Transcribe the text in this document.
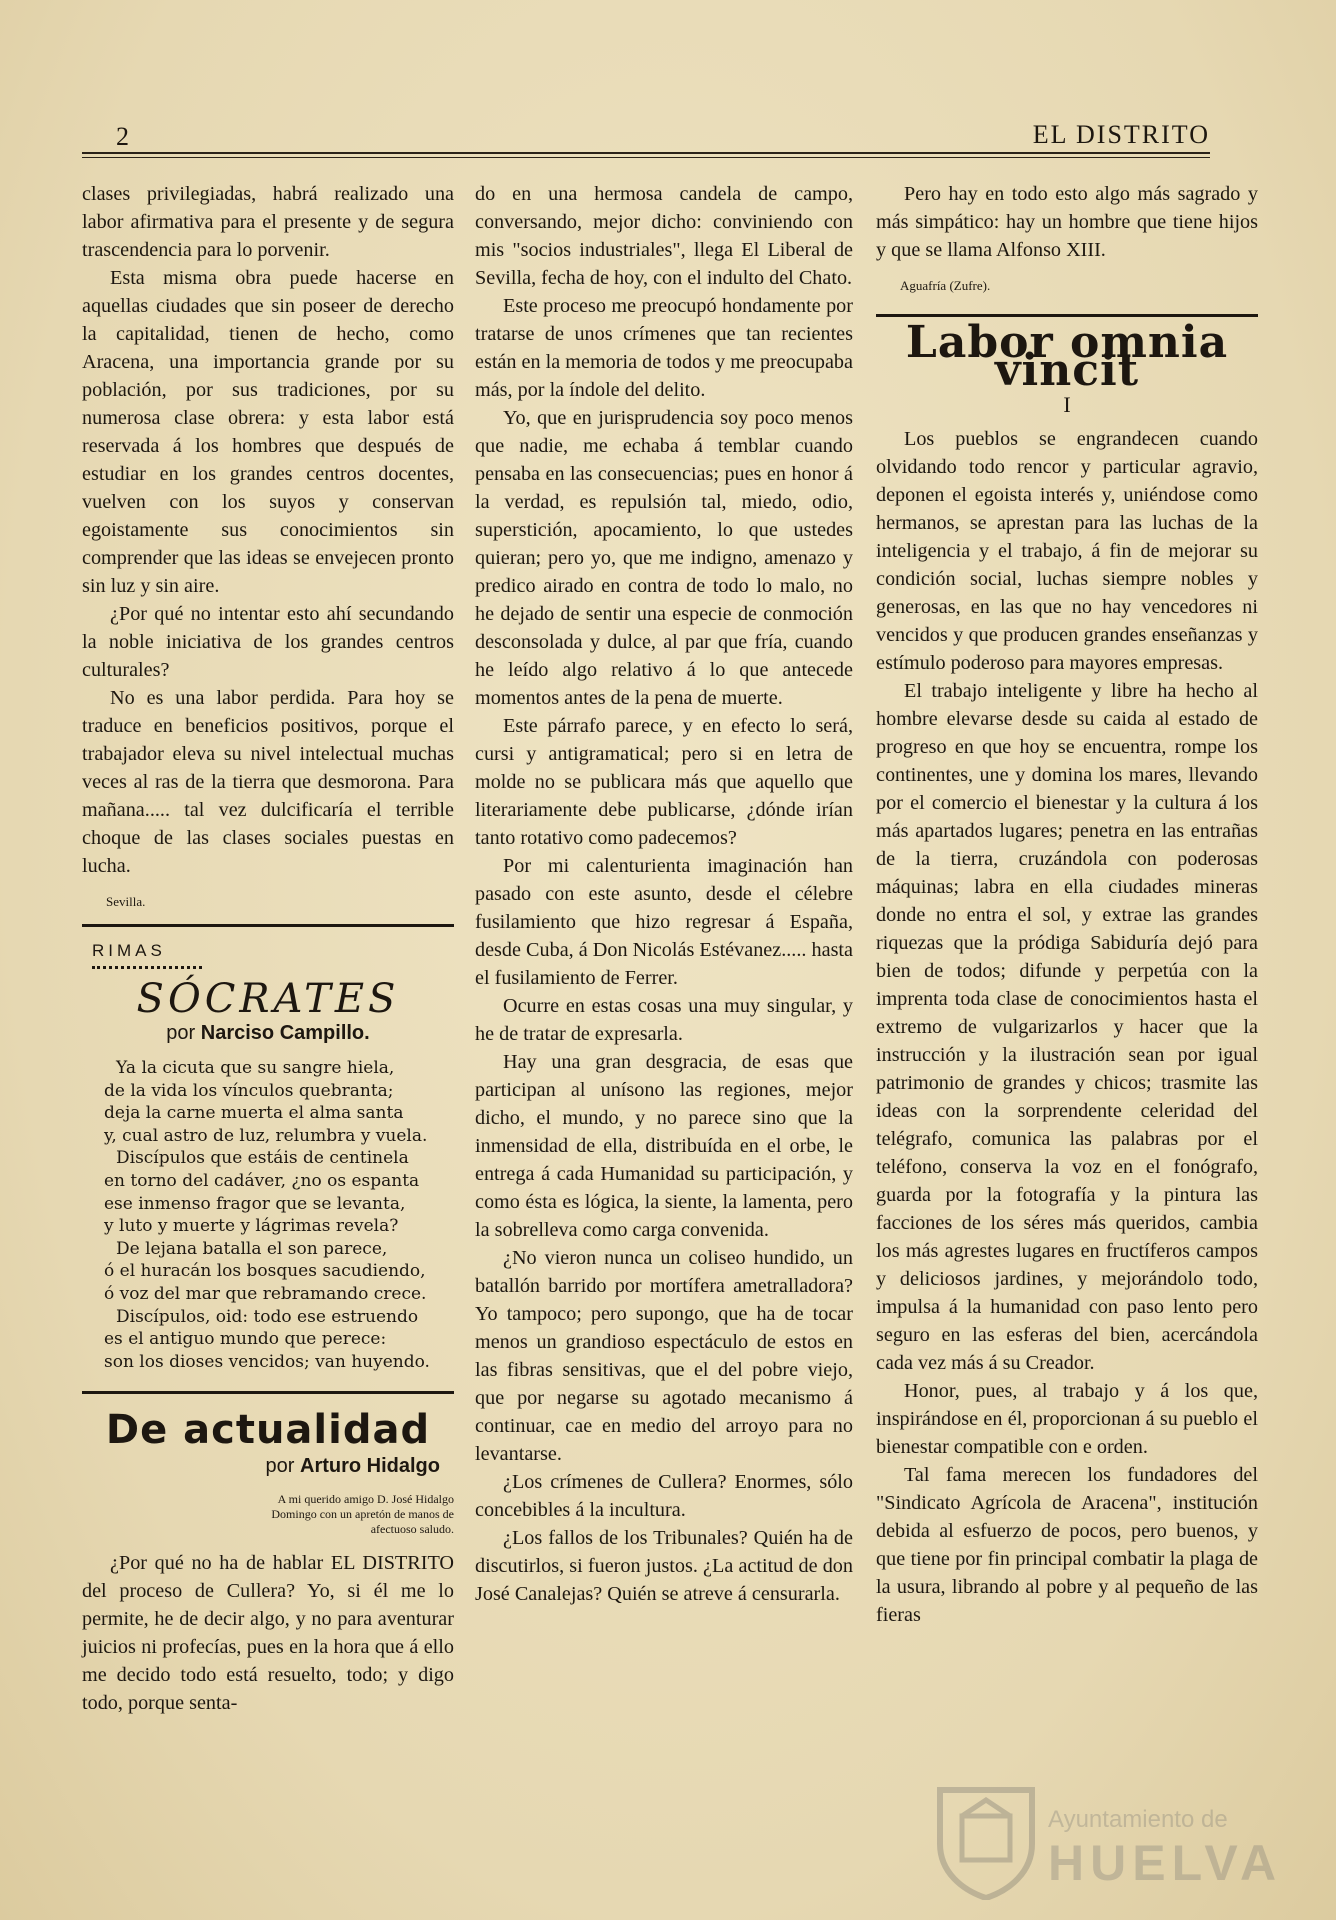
2	EL DISTRITO

clases privilegiadas, habrá realizado una labor afirmativa para el presente y de segura trascendencia para lo porvenir.

Esta misma obra puede hacerse en aquellas ciudades que sin poseer de derecho la capitalidad, tienen de hecho, como Aracena, una importancia grande por su población, por sus tradiciones, por su numerosa clase obrera: y esta labor está reservada á los hombres que después de estudiar en los grandes centros docentes, vuelven con los suyos y conservan egoistamente sus conocimientos sin comprender que las ideas se envejecen pronto sin luz y sin aire.

¿Por qué no intentar esto ahí secundando la noble iniciativa de los grandes centros culturales?

No es una labor perdida. Para hoy se traduce en beneficios positivos, porque el trabajador eleva su nivel intelectual muchas veces al ras de la tierra que desmorona. Para mañana..... tal vez dulcificaría el terrible choque de las clases sociales puestas en lucha.

Sevilla.
RIMAS
SÓCRATES
por Narciso Campillo.
Ya la cicuta que su sangre hiela,
de la vida los vínculos quebranta;
deja la carne muerta el alma santa
y, cual astro de luz, relumbra y vuela.
Discípulos que estáis de centinela
en torno del cadáver, ¿no os espanta
ese inmenso fragor que se levanta,
y luto y muerte y lágrimas revela?
De lejana batalla el son parece,
ó el huracán los bosques sacudiendo,
ó voz del mar que rebramando crece.
Discípulos, oid: todo ese estruendo
es el antiguo mundo que perece:
son los dioses vencidos; van huyendo.
De actualidad
por Arturo Hidalgo
A mi querido amigo D. José Hidalgo Domingo con un apretón de manos de afectuoso saludo.

¿Por qué no ha de hablar EL DISTRITO del proceso de Cullera? Yo, si él me lo permite, he de decir algo, y no para aventurar juicios ni profecías, pues en la hora que á ello me decido todo está resuelto, todo; y digo todo, porque senta-

do en una hermosa candela de campo, conversando, mejor dicho: conviniendo con mis "socios industriales", llega El Liberal de Sevilla, fecha de hoy, con el indulto del Chato.

Este proceso me preocupó hondamente por tratarse de unos crímenes que tan recientes están en la memoria de todos y me preocupaba más, por la índole del delito.

Yo, que en jurisprudencia soy poco menos que nadie, me echaba á temblar cuando pensaba en las consecuencias; pues en honor á la verdad, es repulsión tal, miedo, odio, superstición, apocamiento, lo que ustedes quieran; pero yo, que me indigno, amenazo y predico airado en contra de todo lo malo, no he dejado de sentir una especie de conmoción desconsolada y dulce, al par que fría, cuando he leído algo relativo á lo que antecede momentos antes de la pena de muerte.

Este párrafo parece, y en efecto lo será, cursi y antigramatical; pero si en letra de molde no se publicara más que aquello que literariamente debe publicarse, ¿dónde irían tanto rotativo como padecemos?

Por mi calenturienta imaginación han pasado con este asunto, desde el célebre fusilamiento que hizo regresar á España, desde Cuba, á Don Nicolás Estévanez..... hasta el fusilamiento de Ferrer.

Ocurre en estas cosas una muy singular, y he de tratar de expresarla.

Hay una gran desgracia, de esas que participan al unísono las regiones, mejor dicho, el mundo, y no parece sino que la inmensidad de ella, distribuída en el orbe, le entrega á cada Humanidad su participación, y como ésta es lógica, la siente, la lamenta, pero la sobrelleva como carga convenida.

¿No vieron nunca un coliseo hundido, un batallón barrido por mortífera ametralladora? Yo tampoco; pero supongo, que ha de tocar menos un grandioso espectáculo de estos en las fibras sensitivas, que el del pobre viejo, que por negarse su agotado mecanismo á continuar, cae en medio del arroyo para no levantarse.

¿Los crímenes de Cullera? Enormes, sólo concebibles á la incultura.

¿Los fallos de los Tribunales? Quién ha de discutirlos, si fueron justos. ¿La actitud de don José Canalejas? Quién se atreve á censurarla.

Pero hay en todo esto algo más sagrado y más simpático: hay un hombre que tiene hijos y que se llama Alfonso XIII.

Aguafría (Zufre).
Labor omnia vincit
I

Los pueblos se engrandecen cuando olvidando todo rencor y particular agravio, deponen el egoista interés y, uniéndose como hermanos, se aprestan para las luchas de la inteligencia y el trabajo, á fin de mejorar su condición social, luchas siempre nobles y generosas, en las que no hay vencedores ni vencidos y que producen grandes enseñanzas y estímulo poderoso para mayores empresas.

El trabajo inteligente y libre ha hecho al hombre elevarse desde su caida al estado de progreso en que hoy se encuentra, rompe los continentes, une y domina los mares, llevando por el comercio el bienestar y la cultura á los más apartados lugares; penetra en las entrañas de la tierra, cruzándola con poderosas máquinas; labra en ella ciudades mineras donde no entra el sol, y extrae las grandes riquezas que la pródiga Sabiduría dejó para bien de todos; difunde y perpetúa con la imprenta toda clase de conocimientos hasta el extremo de vulgarizarlos y hacer que la instrucción y la ilustración sean por igual patrimonio de grandes y chicos; trasmite las ideas con la sorprendente celeridad del telégrafo, comunica las palabras por el teléfono, conserva la voz en el fonógrafo, guarda por la fotografía y la pintura las facciones de los séres más queridos, cambia los más agrestes lugares en fructíferos campos y deliciosos jardines, y mejorándolo todo, impulsa á la humanidad con paso lento pero seguro en las esferas del bien, acercándola cada vez más á su Creador.

Honor, pues, al trabajo y á los que, inspirándose en él, proporcionan á su pueblo el bienestar compatible con e orden.

Tal fama merecen los fundadores del "Sindicato Agrícola de Aracena", institución debida al esfuerzo de pocos, pero buenos, y que tiene por fin principal combatir la plaga de la usura, librando al pobre y al pequeño de las fieras

Ayuntamiento de
HUELVA
